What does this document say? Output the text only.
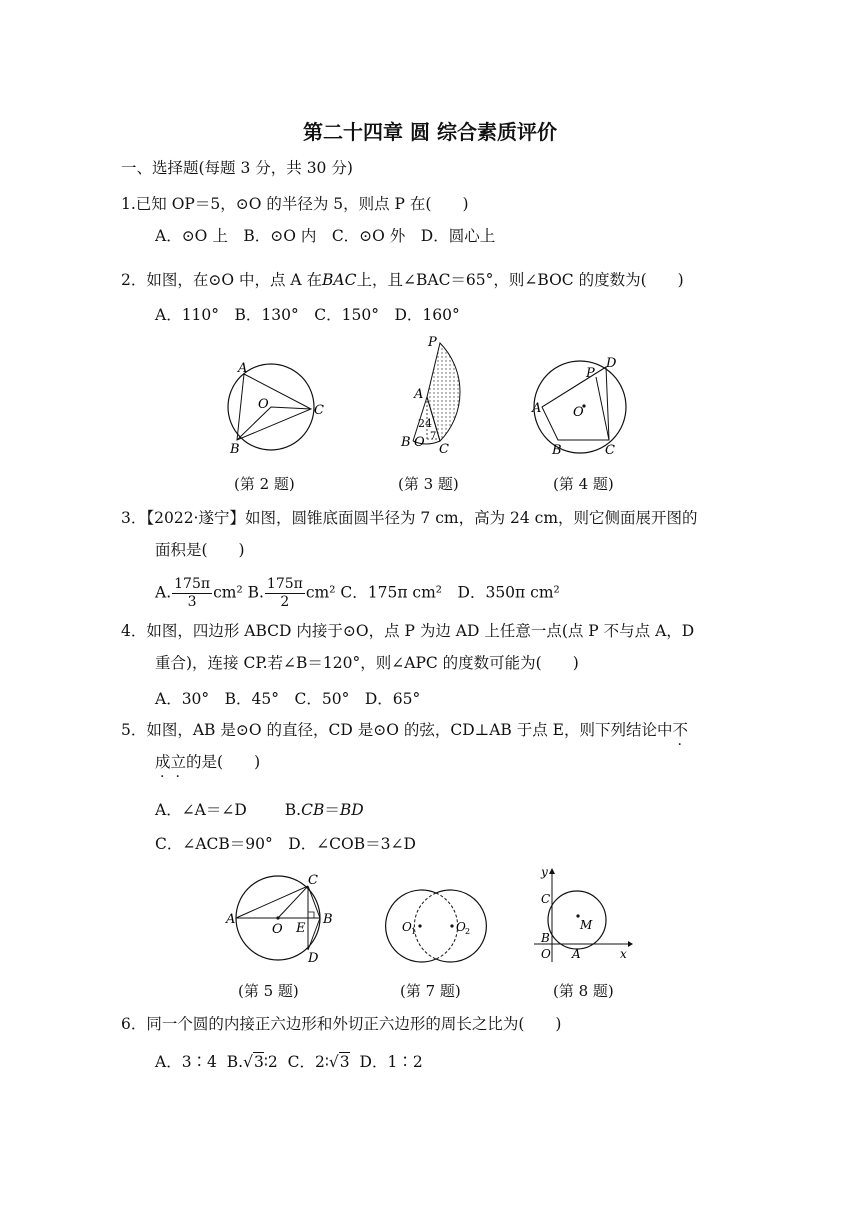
第二十四章 圆 综合素质评价
一、选择题(每题 3 分，共 30 分)
1.已知 OP＝5，⊙O 的半径为 5，则点 P 在(　　)
A．⊙O 上　B．⊙O 内　C．⊙O 外　D．圆心上
2．如图，在⊙O 中，点 A 在BAC上，且∠BAC＝65°，则∠BOC 的度数为(　　)
A．110°　B．130°　C．150°　D．160°
A
B
C
O
P
A
B O C
24
7
A
B	C
D
P
O
(第 2 题)	(第 3 题)	(第 4 题)
3．【2022·遂宁】如图，圆锥底面圆半径为 7 cm，高为 24 cm，则它侧面展开图的
面积是(　　)
A. $\frac{175\pi}{3} cm^2$ B. $\frac{175\pi}{2} cm^2$ C．175π cm²　D．350π cm²
4．如图，四边形 ABCD 内接于⊙O，点 P 为边 AD 上任意一点(点 P 不与点 A，D
重合)，连接 CP.若∠B＝120°，则∠APC 的度数可能为(　　)
A．30°　B．45°　C．50°　D．65°
5．如图，AB 是⊙O 的直径，CD 是⊙O 的弦，CD⊥AB 于点 E，则下列结论中不
成立的是(　　)
A．∠A＝∠D B.CB＝BD
C．∠ACB＝90°　D．∠COB＝3∠D
A	B
C
D
E
O	O 1	O 2
y
x
C
B
O A
M
(第 5 题)	(第 7 题)	(第 8 题)
6．同一个圆的内接正六边形和外切正六边形的周长之比为(　　)
A．3∶4 B.√3∶2 C．2∶√3 D．1∶2
